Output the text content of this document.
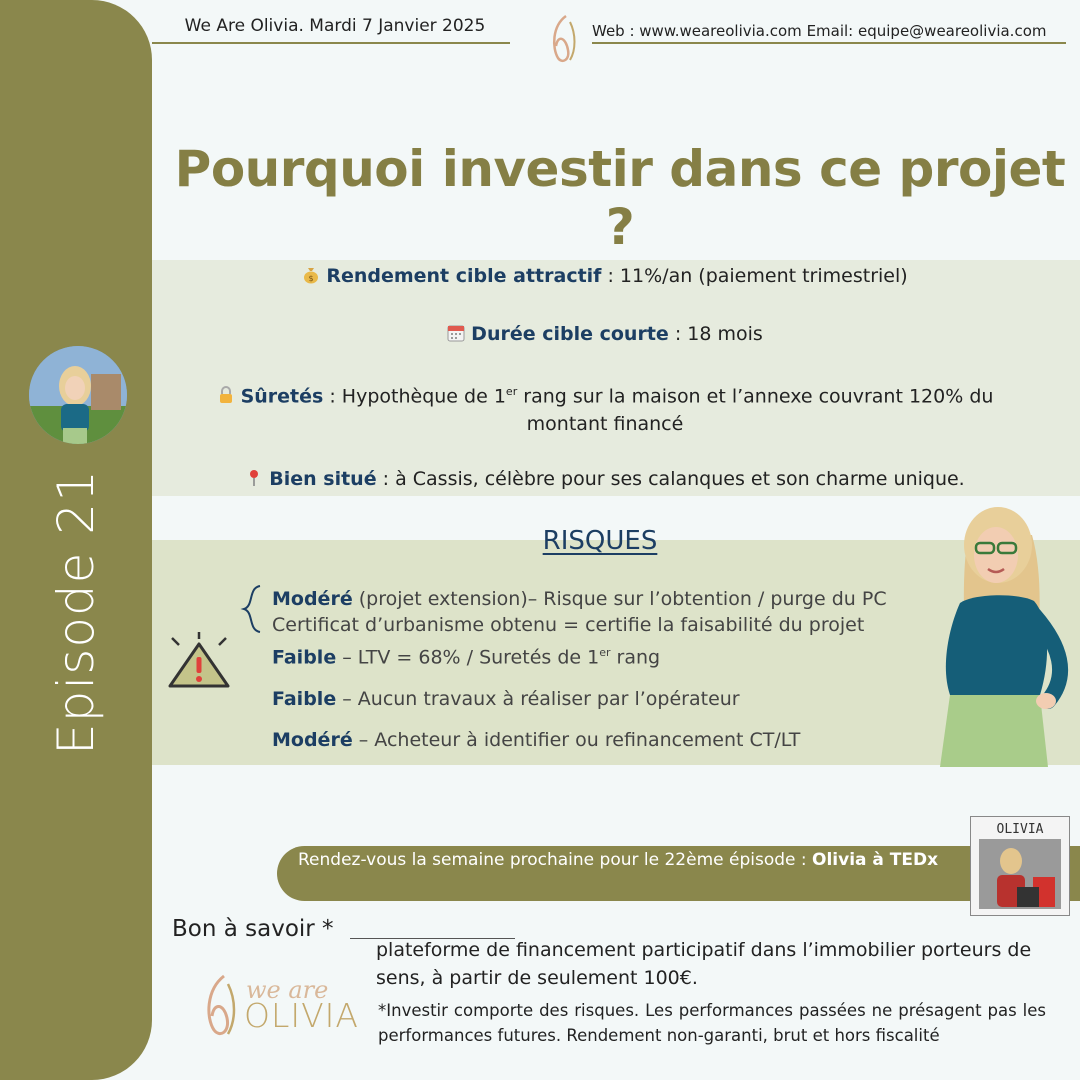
Episode 21
We Are Olivia. Mardi 7 Janvier 2025	Web : www.weareolivia.com Email: equipe@weareolivia.com
Pourquoi investir dans ce projet ?
$ Rendement cible attractif : 11%/an (paiement trimestriel)
Durée cible courte : 18 mois
Sûretés : Hypothèque de 1er rang sur la maison et l’annexe couvrant 120% du montant financé
Bien situé : à Cassis, célèbre pour ses calanques et son charme unique.
RISQUES
Modéré (projet extension)– Risque sur l’obtention / purge du PC
Certificat d’urbanisme obtenu = certifie la faisabilité du projet
Faible – LTV = 68% / Suretés de 1er rang
Faible – Aucun travaux à réaliser par l’opérateur
Modéré – Acheteur à identifier ou refinancement CT/LT
Rendez-vous la semaine prochaine pour le 22ème épisode : Olivia à TEDx
OLIVIA
Bon à savoir *
we are
OLIVIA
plateforme de financement participatif dans l’immobilier porteurs de sens, à partir de seulement 100€.
*Investir comporte des risques. Les performances passées ne présagent pas les performances futures. Rendement non-garanti, brut et hors fiscalité
